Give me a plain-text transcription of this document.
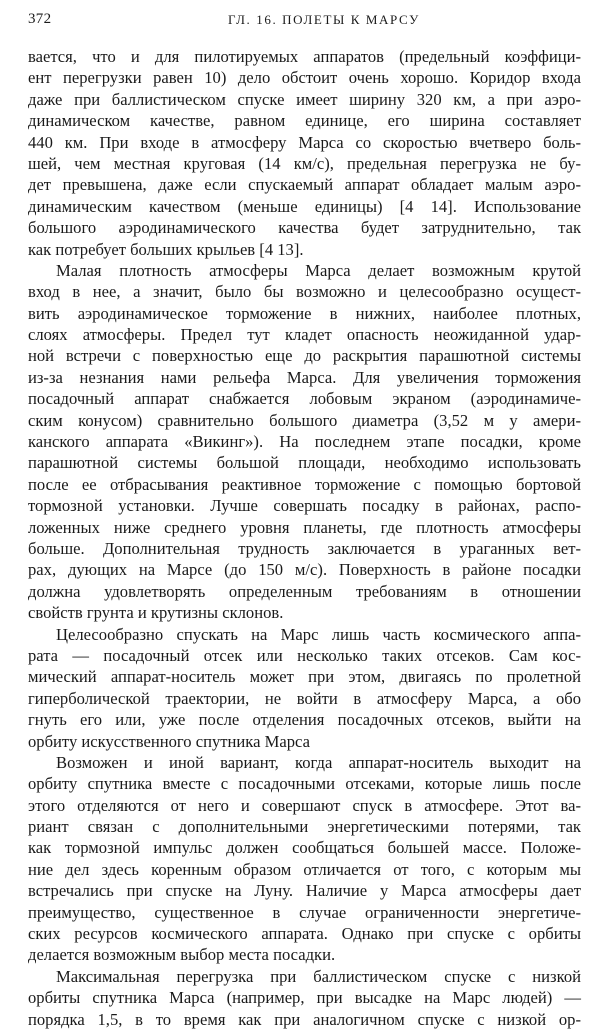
372	ГЛ. 16. ПОЛЕТЫ К МАРСУ
вается, что и для пилотируемых аппаратов (предельный коэффици-
ент перегрузки равен 10) дело обстоит очень хорошо. Коридор входа
даже при баллистическом спуске имеет ширину 320 км, а при аэро-
динамическом качестве, равном единице, его ширина составляет
440 км. При входе в атмосферу Марса со скоростью вчетверо боль-
шей, чем местная круговая (14 км/с), предельная перегрузка не бу-
дет превышена, даже если спускаемый аппарат обладает малым аэро-
динамическим качеством (меньше единицы) [4 14]. Использование
большого аэродинамического качества будет затруднительно, так
как потребует больших крыльев [4 13].
Малая плотность атмосферы Марса делает возможным крутой
вход в нее, а значит, было бы возможно и целесообразно осущест-
вить аэродинамическое торможение в нижних, наиболее плотных,
слоях атмосферы. Предел тут кладет опасность неожиданной удар-
ной встречи с поверхностью еще до раскрытия парашютной системы
из-за незнания нами рельефа Марса. Для увеличения торможения
посадочный аппарат снабжается лобовым экраном (аэродинамиче-
ским конусом) сравнительно большого диаметра (3,52 м у амери-
канского аппарата «Викинг»). На последнем этапе посадки, кроме
парашютной системы большой площади, необходимо использовать
после ее отбрасывания реактивное торможение с помощью бортовой
тормозной установки. Лучше совершать посадку в районах, распо-
ложенных ниже среднего уровня планеты, где плотность атмосферы
больше. Дополнительная трудность заключается в ураганных вет-
рах, дующих на Марсе (до 150 м/с). Поверхность в районе посадки
должна удовлетворять определенным требованиям в отношении
свойств грунта и крутизны склонов.
Целесообразно спускать на Марс лишь часть космического аппа-
рата — посадочный отсек или несколько таких отсеков. Сам кос-
мический аппарат-носитель может при этом, двигаясь по пролетной
гиперболической траектории, не войти в атмосферу Марса, а обо
гнуть его или, уже после отделения посадочных отсеков, выйти на
орбиту искусственного спутника Марса
Возможен и иной вариант, когда аппарат-носитель выходит на
орбиту спутника вместе с посадочными отсеками, которые лишь после
этого отделяются от него и совершают спуск в атмосфере. Этот ва-
риант связан с дополнительными энергетическими потерями, так
как тормозной импульс должен сообщаться большей массе. Положе-
ние дел здесь коренным образом отличается от того, с которым мы
встречались при спуске на Луну. Наличие у Марса атмосферы дает
преимущество, существенное в случае ограниченности энергетиче-
ских ресурсов космического аппарата. Однако при спуске с орбиты
делается возможным выбор места посадки.
Максимальная перегрузка при баллистическом спуске с низкой
орбиты спутника Марса (например, при высадке на Марс людей) —
порядка 1,5, в то время как при аналогичном спуске с низкой ор-
